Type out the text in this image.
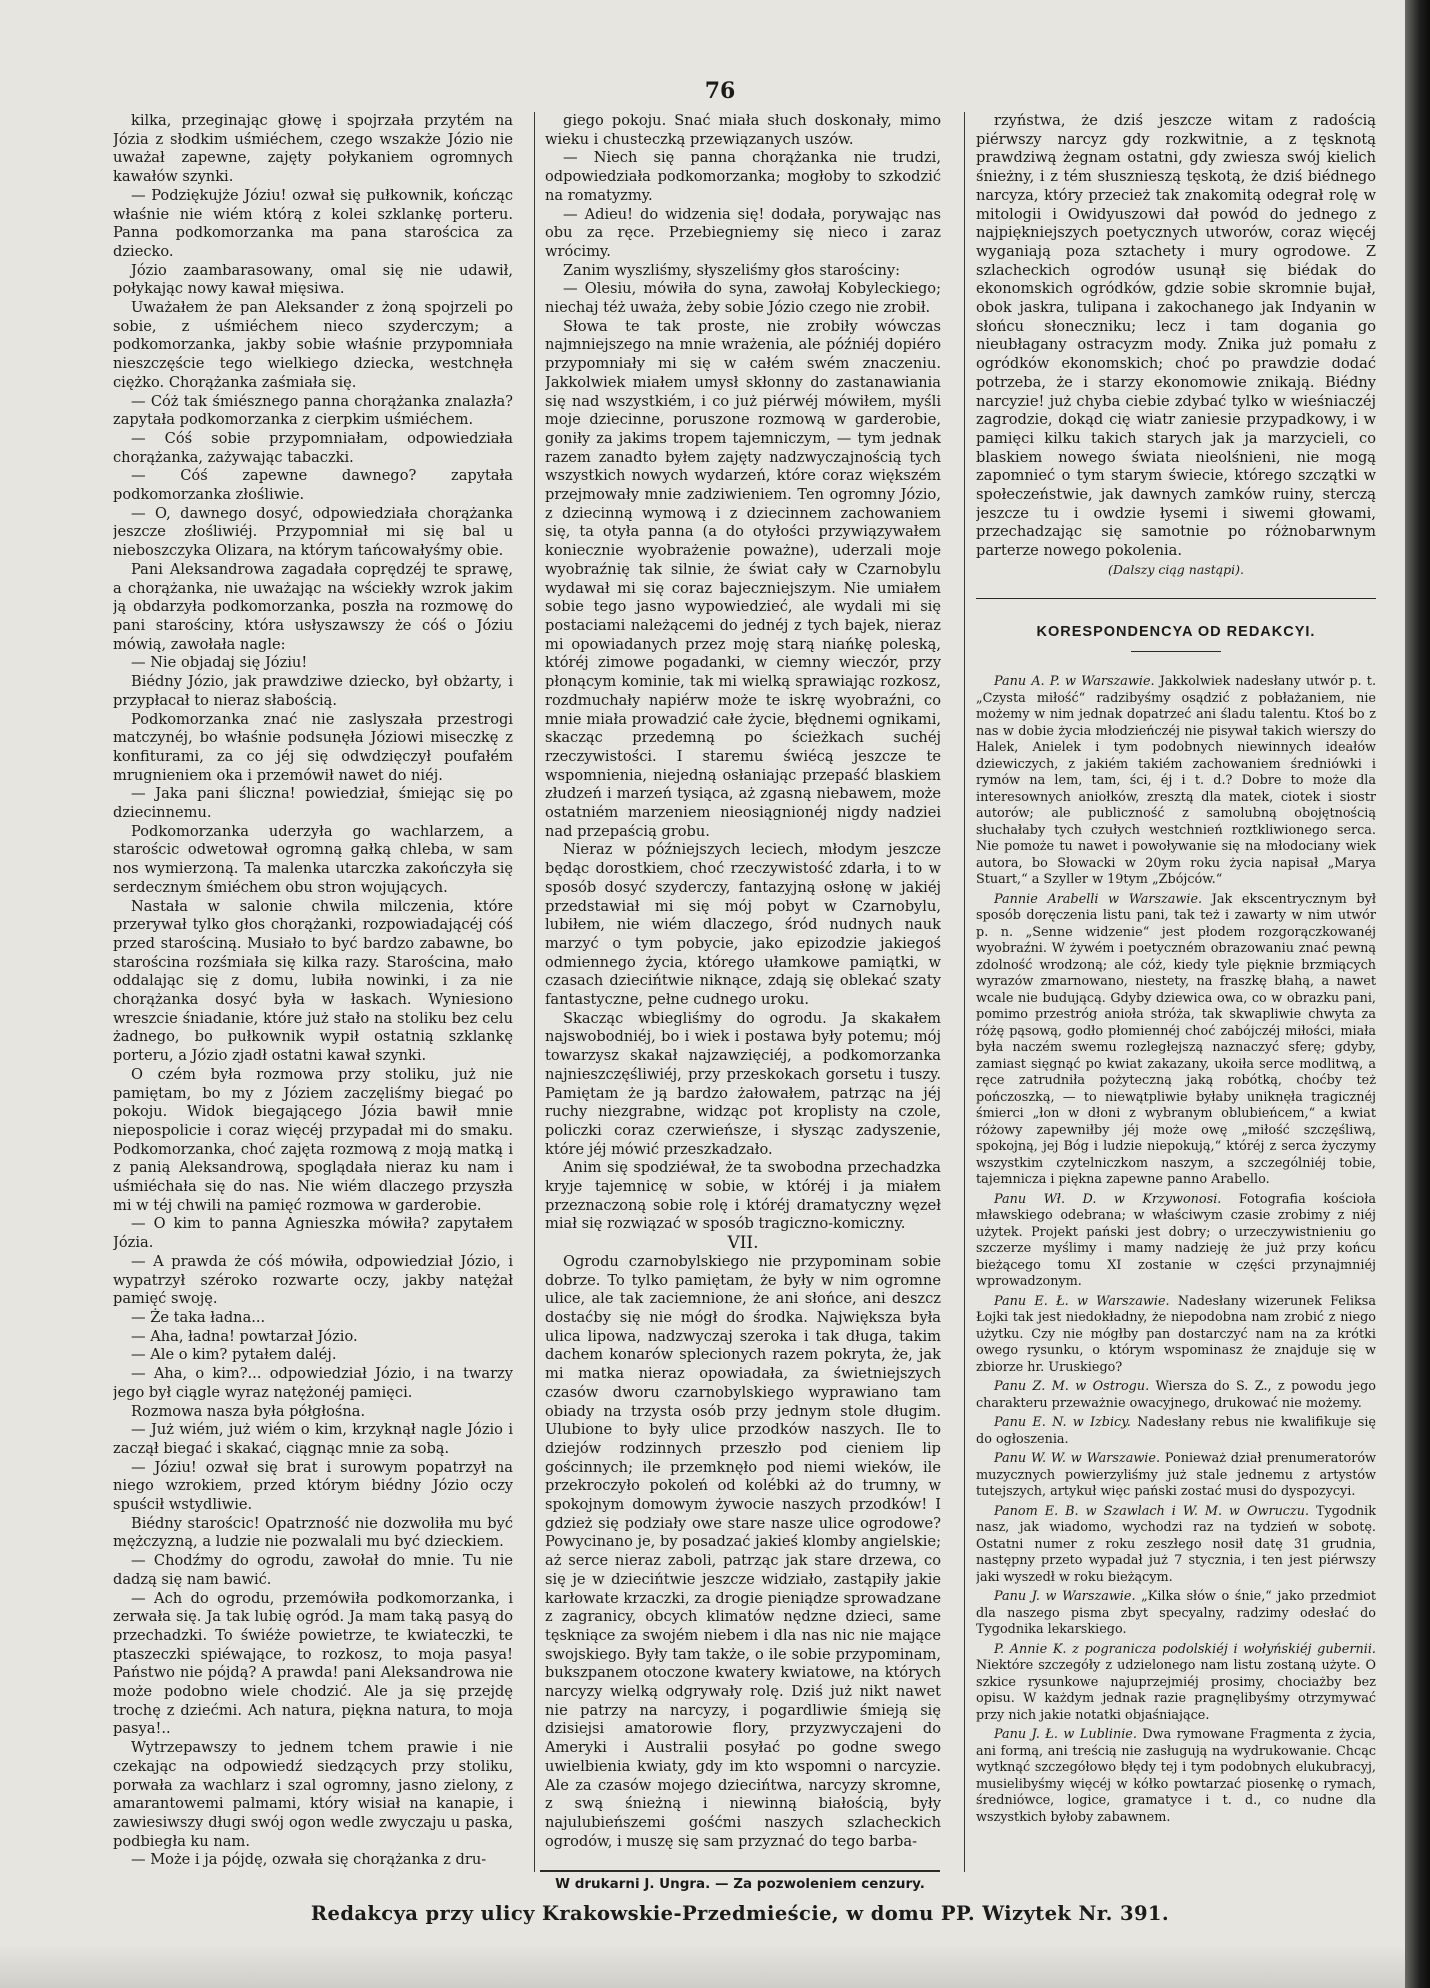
76

kilka, przeginając głowę i spojrzała przytém na Józia z słodkim uśmiéchem, czego wszakże Józio nie uważał zapewne, zajęty połykaniem ogromnych kawałów szynki.

— Podziękujże Józiu! ozwał się pułkownik, kończąc właśnie nie wiém którą z kolei szklankę porteru. Panna podkomorzanka ma pana starościca za dziecko.

Józio zaambarasowany, omal się nie udawił, połykając nowy kawał mięsiwa.

Uważałem że pan Aleksander z żoną spojrzeli po sobie, z uśmiéchem nieco szyderczym; a podkomorzanka, jakby sobie właśnie przypomniała nieszczęście tego wielkiego dziecka, westchnęła ciężko. Chorążanka zaśmiała się.

— Cóż tak śmiésznego panna chorążanka znalazła? zapytała podkomorzanka z cierpkim uśmiéchem.

— Cóś sobie przypomniałam, odpowiedziała chorążanka, zażywając tabaczki.

— Cóś zapewne dawnego? zapytała podkomorzanka złośliwie.

— O, dawnego dosyć, odpowiedziała chorążanka jeszcze złośliwiéj. Przypomniał mi się bal u nieboszczyka Olizara, na którym tańcowałyśmy obie.

Pani Aleksandrowa zagadała coprędzéj te sprawę, a chorążanka, nie uważając na wściekły wzrok jakim ją obdarzyła podkomorzanka, poszła na rozmowę do pani starościny, która usłyszawszy że cóś o Józiu mówią, zawołała nagle:

— Nie objadaj się Józiu!

Biédny Józio, jak prawdziwe dziecko, był obżarty, i przypłacał to nieraz słabością.

Podkomorzanka znać nie zaslyszała przestrogi matczynéj, bo właśnie podsunęła Józiowi miseczkę z konfiturami, za co jéj się odwdzięczył poufałém mrugnieniem oka i przemówił nawet do niéj.

— Jaka pani śliczna! powiedział, śmiejąc się po dziecinnemu.

Podkomorzanka uderzyła go wachlarzem, a starościc odwetował ogromną gałką chleba, w sam nos wymierzoną. Ta malenka utarczka zakończyła się serdecznym śmiéchem obu stron wojujących.

Nastała w salonie chwila milczenia, które przerywał tylko głos chorążanki, rozpowiadającéj cóś przed starościną. Musiało to być bardzo zabawne, bo starościna rozśmiała się kilka razy. Starościna, mało oddalając się z domu, lubiła nowinki, i za nie chorążanka dosyć była w łaskach. Wyniesiono wreszcie śniadanie, które już stało na stoliku bez celu żadnego, bo pułkownik wypił ostatnią szklankę porteru, a Józio zjadł ostatni kawał szynki.

O czém była rozmowa przy stoliku, już nie pamiętam, bo my z Józiem zaczęliśmy biegać po pokoju. Widok biegającego Józia bawił mnie niepospolicie i coraz więcéj przypadał mi do smaku. Podkomorzanka, choć zajęta rozmową z moją matką i z panią Aleksandrową, spoglądała nieraz ku nam i uśmiéchała się do nas. Nie wiém dlaczego przyszła mi w téj chwili na pamięć rozmowa w garderobie.

— O kim to panna Agnieszka mówiła? zapytałem Józia.

— A prawda że cóś mówiła, odpowiedział Józio, i wypatrzył széroko rozwarte oczy, jakby natężał pamięć swoję.

— Że taka ładna...

— Aha, ładna! powtarzał Józio.

— Ale o kim? pytałem daléj.

— Aha, o kim?... odpowiedział Józio, i na twarzy jego był ciągle wyraz natężonéj pamięci.

Rozmowa nasza była półgłośna.

— Już wiém, już wiém o kim, krzyknął nagle Józio i zaczął biegać i skakać, ciągnąc mnie za sobą.

— Józiu! ozwał się brat i surowym popatrzył na niego wzrokiem, przed którym biédny Józio oczy spuścił wstydliwie.

Biédny starościc! Opatrzność nie dozwoliła mu być mężczyzną, a ludzie nie pozwalali mu być dzieckiem.

— Chodźmy do ogrodu, zawołał do mnie. Tu nie dadzą się nam bawić.

— Ach do ogrodu, przemówiła podkomorzanka, i zerwała się. Ja tak lubię ogród. Ja mam taką pasyą do przechadzki. To świéże powietrze, te kwiateczki, te ptaszeczki spiéwające, to rozkosz, to moja pasya! Państwo nie pójdą? A prawda! pani Aleksandrowa nie może podobno wiele chodzić. Ale ja się przejdę trochę z dziećmi. Ach natura, piękna natura, to moja pasya!..

Wytrzepawszy to jednem tchem prawie i nie czekając na odpowiedź siedzących przy stoliku, porwała za wachlarz i szal ogromny, jasno zielony, z amarantowemi palmami, który wisiał na kanapie, i zawiesiwszy długi swój ogon wedle zwyczaju u paska, podbiegła ku nam.

— Może i ja pójdę, ozwała się chorążanka z dru-

giego pokoju. Snać miała słuch doskonały, mimo wieku i chusteczką przewiązanych uszów.

— Niech się panna chorążanka nie trudzi, odpowiedziała podkomorzanka; mogłoby to szkodzić na romatyzmy.

— Adieu! do widzenia się! dodała, porywając nas obu za ręce. Przebiegniemy się nieco i zaraz wrócimy.

Zanim wyszliśmy, słyszeliśmy głos starościny:

— Olesiu, mówiła do syna, zawołaj Kobyleckiego; niechaj téż uważa, żeby sobie Józio czego nie zrobił.

Słowa te tak proste, nie zrobiły wówczas najmniejszego na mnie wrażenia, ale późniéj dopiéro przypomniały mi się w całém swém znaczeniu. Jakkolwiek miałem umysł skłonny do zastanawiania się nad wszystkiém, i co już piérwéj mówiłem, myśli moje dziecinne, poruszone rozmową w garderobie, goniły za jakims tropem tajemniczym, — tym jednak razem zanadto byłem zajęty nadzwyczajnością tych wszystkich nowych wydarzeń, które coraz większém przejmowały mnie zadziwieniem. Ten ogromny Józio, z dziecinną wymową i z dziecinnem zachowaniem się, ta otyła panna (a do otyłości przywiązywałem koniecznie wyobrażenie poważne), uderzali moje wyobraźnię tak silnie, że świat cały w Czarnobylu wydawał mi się coraz bajeczniejszym. Nie umiałem sobie tego jasno wypowiedzieć, ale wydali mi się postaciami należącemi do jednéj z tych bajek, nieraz mi opowiadanych przez moję starą niańkę poleską, któréj zimowe pogadanki, w ciemny wieczór, przy płonącym kominie, tak mi wielką sprawiając rozkosz, rozdmuchały napiérw może te iskrę wyobraźni, co mnie miała prowadzić całe życie, błędnemi ognikami, skacząc przedemną po ścieżkach suchéj rzeczywistości. I staremu świécą jeszcze te wspomnienia, niejedną osłaniając przepaść blaskiem złudzeń i marzeń tysiąca, aż zgasną niebawem, może ostatniém marzeniem nieosiągnionéj nigdy nadziei nad przepaścią grobu.

Nieraz w późniejszych leciech, młodym jeszcze będąc dorostkiem, choć rzeczywistość zdarła, i to w sposób dosyć szyderczy, fantazyjną osłonę w jakiéj przedstawiał mi się mój pobyt w Czarnobylu, lubiłem, nie wiém dlaczego, śród nudnych nauk marzyć o tym pobycie, jako epizodzie jakiegoś odmiennego życia, którego ułamkowe pamiątki, w czasach dziecińtwie niknące, zdają się oblekać szaty fantastyczne, pełne cudnego uroku.

Skacząc wbiegliśmy do ogrodu. Ja skakałem najswobodniéj, bo i wiek i postawa były potemu; mój towarzysz skakał najzawzięciéj, a podkomorzanka najnieszczęśliwiéj, przy przeskokach gorsetu i tuszy. Pamiętam że ją bardzo żałowałem, patrząc na jéj ruchy niezgrabne, widząc pot kroplisty na czole, policzki coraz czerwieńsze, i słysząc zadyszenie, które jéj mówić przeszkadzało.

Anim się spodziéwał, że ta swobodna przechadzka kryje tajemnicę w sobie, w któréj i ja miałem przeznaczoną sobie rolę i któréj dramatyczny węzeł miał się rozwiązać w sposób tragiczno-komiczny.

VII.

Ogrodu czarnobylskiego nie przypominam sobie dobrze. To tylko pamiętam, że były w nim ogromne ulice, ale tak zaciemnione, że ani słońce, ani deszcz dostaćby się nie mógł do środka. Największa była ulica lipowa, nadzwyczaj szeroka i tak długa, takim dachem konarów splecionych razem pokryta, że, jak mi matka nieraz opowiadała, za świetniejszych czasów dworu czarnobylskiego wyprawiano tam obiady na trzysta osób przy jednym stole długim. Ulubione to były ulice przodków naszych. Ile to dziejów rodzinnych przeszło pod cieniem lip gościnnych; ile przemknęło pod niemi wieków, ile przekroczyło pokoleń od kolébki aż do trumny, w spokojnym domowym żywocie naszych przodków! I gdzież się podziały owe stare nasze ulice ogrodowe? Powycinano je, by posadzać jakieś klomby angielskie; aż serce nieraz zaboli, patrząc jak stare drzewa, co się je w dziecińtwie jeszcze widziało, zastąpiły jakie karłowate krzaczki, za drogie pieniądze sprowadzane z zagranicy, obcych klimatów nędzne dzieci, same tęskniące za swojém niebem i dla nas nic nie mające swojskiego. Były tam także, o ile sobie przypominam, bukszpanem otoczone kwatery kwiatowe, na których narcyzy wielką odgrywały rolę. Dziś już nikt nawet nie patrzy na narcyzy, i pogardliwie śmieją się dzisiejsi amatorowie flory, przyzwyczajeni do Ameryki i Australii posyłać po godne swego uwielbienia kwiaty, gdy im kto wspomni o narcyzie. Ale za czasów mojego dziecińtwa, narcyzy skromne, z swą śnieżną i niewinną białością, były najulubieńszemi gośćmi naszych szlacheckich ogrodów, i muszę się sam przyznać do tego barba-

rzyństwa, że dziś jeszcze witam z radością piérwszy narcyz gdy rozkwitnie, a z tęsknotą prawdziwą żegnam ostatni, gdy zwiesza swój kielich śnieżny, i z tém słusznieszą tęskotą, że dziś biédnego narcyza, który przecież tak znakomitą odegrał rolę w mitologii i Owidyuszowi dał powód do jednego z najpiękniejszych poetycznych utworów, coraz więcéj wyganiają poza sztachety i mury ogrodowe. Z szlacheckich ogrodów usunął się biédak do ekonomskich ogródków, gdzie sobie skromnie bujał, obok jaskra, tulipana i zakochanego jak Indyanin w słońcu słoneczniku; lecz i tam dogania go nieubłagany ostracyzm mody. Znika już pomału z ogródków ekonomskich; choć po prawdzie dodać potrzeba, że i starzy ekonomowie znikają. Biédny narcyzie! już chyba ciebie zdybać tylko w wieśniaczéj zagrodzie, dokąd cię wiatr zaniesie przypadkowy, i w pamięci kilku takich starych jak ja marzycieli, co blaskiem nowego świata nieolśnieni, nie mogą zapomnieć o tym starym świecie, którego szczątki w społeczeństwie, jak dawnych zamków ruiny, sterczą jeszcze tu i owdzie łysemi i siwemi głowami, przechadzając się samotnie po różnobarwnym parterze nowego pokolenia.

(Dalszy ciąg nastąpi).

KORESPONDENCYA OD REDAKCYI.

Panu A. P. w Warszawie. Jakkolwiek nadesłany utwór p. t. „Czysta miłość“ radzibyśmy osądzić z pobłażaniem, nie możemy w nim jednak dopatrzeć ani śladu talentu. Ktoś bo z nas w dobie życia młodzieńczéj nie pisywał takich wierszy do Halek, Anielek i tym podobnych niewinnych ideałów dziewiczych, z jakiém takiém zachowaniem średniówki i rymów na lem, tam, ści, éj i t. d.? Dobre to może dla interesownych aniołków, zresztą dla matek, ciotek i siostr autorów; ale publiczność z samolubną obojętnością słuchałaby tych czułych westchnień roztkliwionego serca. Nie pomoże tu nawet i powoływanie się na młodociany wiek autora, bo Słowacki w 20ym roku życia napisał „Marya Stuart,“ a Szyller w 19tym „Zbójców.“

Pannie Arabelli w Warszawie. Jak ekscentrycznym był sposób doręczenia listu pani, tak też i zawarty w nim utwór p. n. „Senne widzenie“ jest płodem rozgorączkowanéj wyobraźni. W żywém i poetyczném obrazowaniu znać pewną zdolność wrodzoną; ale cóż, kiedy tyle pięknie brzmiących wyrazów zmarnowano, niestety, na fraszkę błahą, a nawet wcale nie budującą. Gdyby dziewica owa, co w obrazku pani, pomimo przestróg anioła stróża, tak skwapliwie chwyta za różę pąsową, godło płomiennéj choć zabójczéj miłości, miała była naczém swemu rozległejszą naznaczyć sferę; gdyby, zamiast sięgnąć po kwiat zakazany, ukoiła serce modlitwą, a ręce zatrudniła pożyteczną jaką robótką, choćby też pończoszką, — to niewątpliwie byłaby uniknęła tragicznéj śmierci „łon w dłoni z wybranym oblubieńcem,“ a kwiat różowy zapewniłby jéj może owę „miłość szczęśliwą, spokojną, jej Bóg i ludzie niepokują,“ któréj z serca życzymy wszystkim czytelniczkom naszym, a szczególniéj tobie, tajemnicza i piękna zapewne panno Arabello.

Panu Wł. D. w Krzywonosi. Fotografia kościoła mławskiego odebrana; w właściwym czasie zrobimy z niéj użytek. Projekt pański jest dobry; o urzeczywistnieniu go szczerze myślimy i mamy nadzieję że już przy końcu bieżącego tomu XI zostanie w części przynajmniéj wprowadzonym.

Panu E. Ł. w Warszawie. Nadesłany wizerunek Feliksa Łojki tak jest niedokładny, że niepodobna nam zrobić z niego użytku. Czy nie mógłby pan dostarczyć nam na za krótki owego rysunku, o którym wspominasz że znajduje się w zbiorze hr. Uruskiego?

Panu Z. M. w Ostrogu. Wiersza do S. Z., z powodu jego charakteru przeważnie owacyjnego, drukować nie możemy.

Panu E. N. w Izbicy. Nadesłany rebus nie kwalifikuje się do ogłoszenia.

Panu W. W. w Warszawie. Ponieważ dział prenumeratorów muzycznych powierzyliśmy już stale jednemu z artystów tutejszych, artykuł więc pański zostać musi do dyspozycyi.

Panom E. B. w Szawlach i W. M. w Owruczu. Tygodnik nasz, jak wiadomo, wychodzi raz na tydzień w sobotę. Ostatni numer z roku zeszłego nosił datę 31 grudnia, następny przeto wypadał już 7 stycznia, i ten jest piérwszy jaki wyszedł w roku bieżącym.

Panu J. w Warszawie. „Kilka słów o śnie,“ jako przedmiot dla naszego pisma zbyt specyalny, radzimy odesłać do Tygodnika lekarskiego.

P. Annie K. z pogranicza podolskiéj i wołyńskiéj gubernii. Niektóre szczegóły z udzielonego nam listu zostaną użyte. O szkice rysunkowe najuprzejmiéj prosimy, chociażby bez opisu. W każdym jednak razie pragnęlibyśmy otrzymywać przy nich jakie notatki objaśniające.

Panu J. Ł. w Lublinie. Dwa rymowane Fragmenta z życia, ani formą, ani treścią nie zasługują na wydrukowanie. Chcąc wytknąć szczegółowo błędy tej i tym podobnych elukubracyj, musielibyśmy więcéj w kółko powtarzać piosenkę o rymach, średniówce, logice, gramatyce i t. d., co nudne dla wszystkich byłoby zabawnem.

W drukarni J. Ungra. — Za pozwoleniem cenzury.
Redakcya przy ulicy Krakowskie-Przedmieście, w domu PP. Wizytek Nr. 391.
